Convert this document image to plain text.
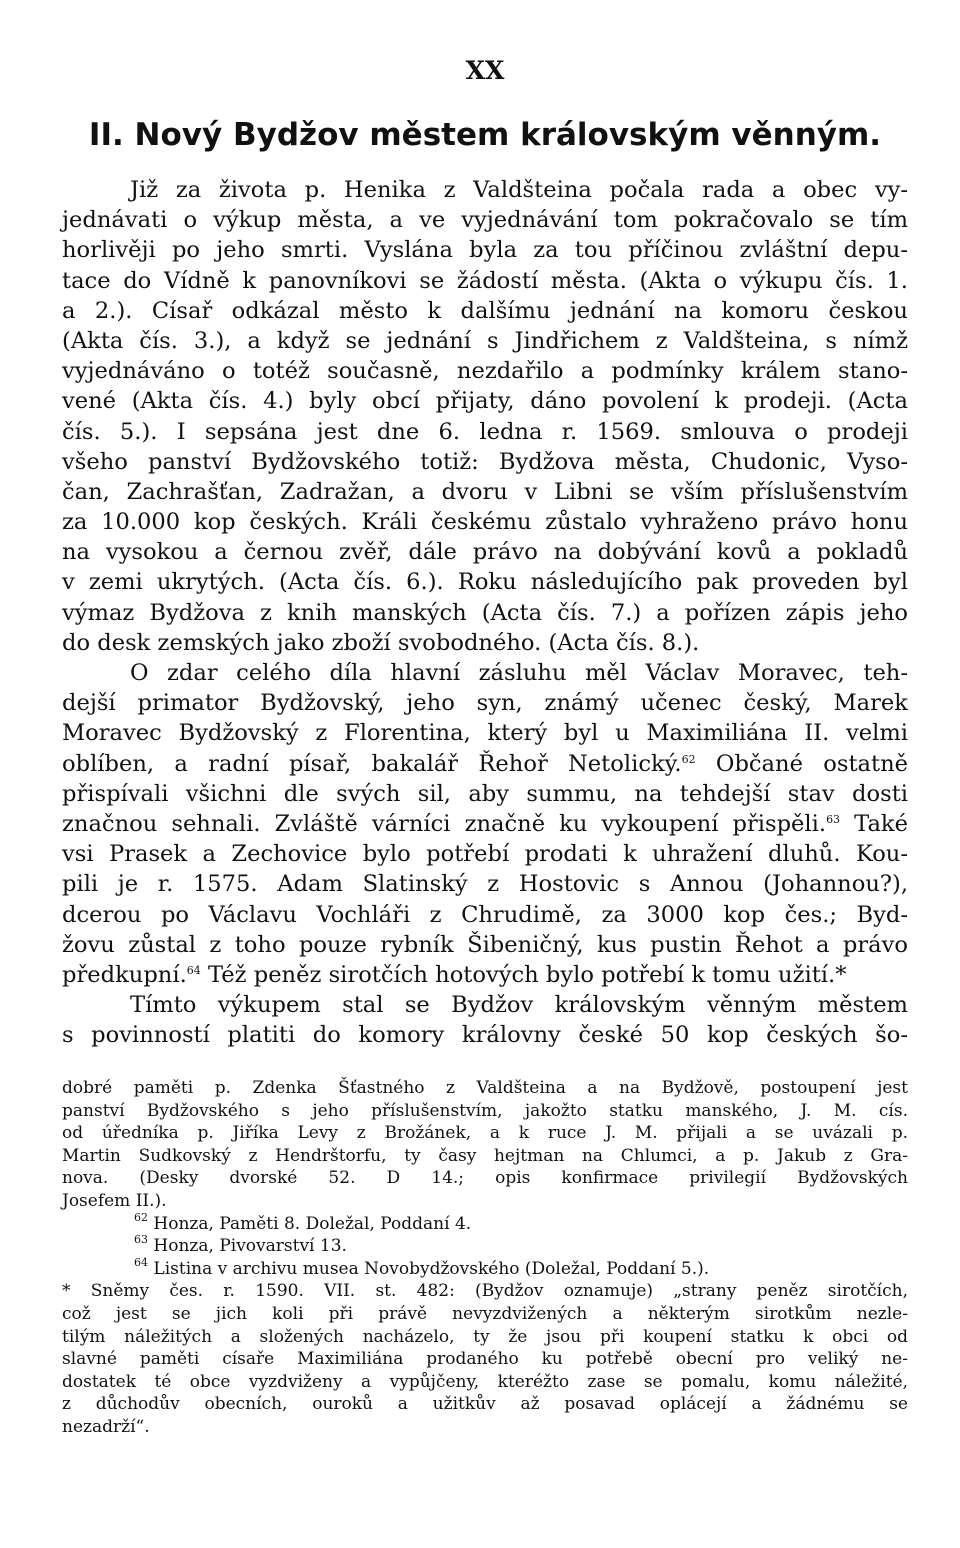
XX
II. Nový Bydžov městem královským věnným.
Již za života p. Henika z Valdšteina počala rada a obec vy-
jednávati o výkup města, a ve vyjednávání tom pokračovalo se tím
horlivěji po jeho smrti. Vyslána byla za tou příčinou zvláštní depu-
tace do Vídně k panovníkovi se žádostí města. (Akta o výkupu čís. 1.
a 2.). Císař odkázal město k dalšímu jednání na komoru českou
(Akta čís. 3.), a když se jednání s Jindřichem z Valdšteina, s nímž
vyjednáváno o totéž současně, nezdařilo a podmínky králem stano-
vené (Akta čís. 4.) byly obcí přijaty, dáno povolení k prodeji. (Acta
čís. 5.). I sepsána jest dne 6. ledna r. 1569. smlouva o prodeji
všeho panství Bydžovského totiž: Bydžova města, Chudonic, Vyso-
čan, Zachrašťan, Zadražan, a dvoru v Libni se vším příslušenstvím
za 10.000 kop českých. Králi českému zůstalo vyhraženo právo honu
na vysokou a černou zvěř, dále právo na dobývání kovů a pokladů
v zemi ukrytých. (Acta čís. 6.). Roku následujícího pak proveden byl
výmaz Bydžova z knih manských (Acta čís. 7.) a pořízen zápis jeho
do desk zemských jako zboží svobodného. (Acta čís. 8.).
O zdar celého díla hlavní zásluhu měl Václav Moravec, teh-
dejší primator Bydžovský, jeho syn, známý učenec český, Marek
Moravec Bydžovský z Florentina, který byl u Maximiliána II. velmi
oblíben, a radní písař, bakalář Řehoř Netolický.$^{62}$ Občané ostatně
přispívali všichni dle svých sil, aby summu, na tehdejší stav dosti
značnou sehnali. Zvláště várníci značně ku vykoupení přispěli.$^{63}$ Také
vsi Prasek a Zechovice bylo potřebí prodati k uhražení dluhů. Kou-
pili je r. 1575. Adam Slatinský z Hostovic s Annou (Johannou?),
dcerou po Václavu Vochláři z Chrudimě, za 3000 kop čes.; Byd-
žovu zůstal z toho pouze rybník Šibeničný, kus pustin Řehot a právo
předkupní.$^{64}$ Též peněz sirotčích hotových bylo potřebí k tomu užití.*
Tímto výkupem stal se Bydžov královským věnným městem
s povinností platiti do komory královny české 50 kop českých šo-
dobré paměti p. Zdenka Šťastného z Valdšteina a na Bydžově, postoupení jest
panství Bydžovského s jeho příslušenstvím, jakožto statku manského, J. M. cís.
od úředníka p. Jiříka Levy z Brožánek, a k ruce J. M. přijali a se uvázali p.
Martin Sudkovský z Hendrštorfu, ty časy hejtman na Chlumci, a p. Jakub z Gra-
nova. (Desky dvorské 52. D 14.; opis konfirmace privilegií Bydžovských
Josefem II.).
$^{62}$ Honza, Paměti 8. Doležal, Poddaní 4.
$^{63}$ Honza, Pivovarství 13.
$^{64}$ Listina v archivu musea Novobydžovského (Doležal, Poddaní 5.).
* Sněmy čes. r. 1590. VII. st. 482: (Bydžov oznamuje) „strany peněz sirotčích,
což jest se jich koli při právě nevyzdvižených a některým sirotkům nezle-
tilým náležitých a složených nacházelo, ty že jsou při koupení statku k obci od
slavné paměti císaře Maximiliána prodaného ku potřebě obecní pro veliký ne-
dostatek té obce vyzdviženy a vypůjčeny, kteréžto zase se pomalu, komu náležité,
z důchodův obecních, ouroků a užitkův až posavad oplácejí a žádnému se
nezadrží“.
